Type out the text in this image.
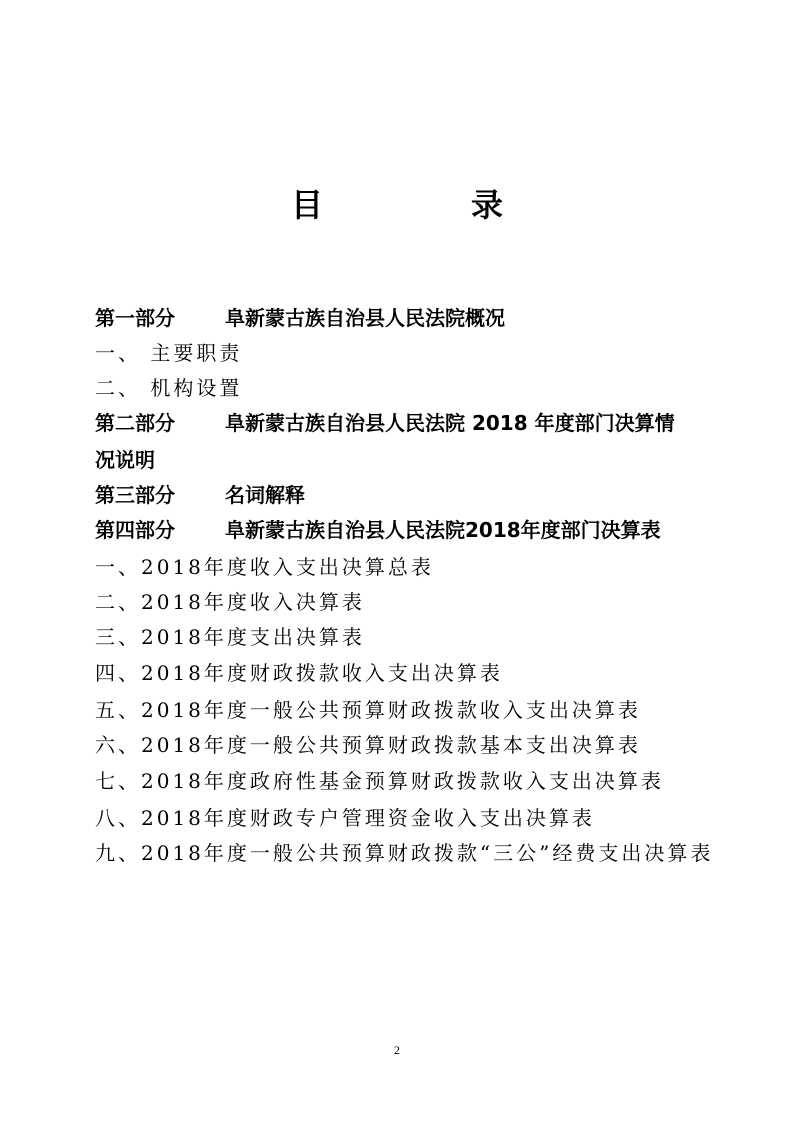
目　录
第一部分	阜新蒙古族自治县人民法院概况
一、 主要职责
二、 机构设置
第二部分	阜新蒙古族自治县人民法院 2018 年度部门决算情
况说明
第三部分	名词解释
第四部分	阜新蒙古族自治县人民法院2018年度部门决算表
一、2018年度收入支出决算总表
二、2018年度收入决算表
三、2018年度支出决算表
四、2018年度财政拨款收入支出决算表
五、2018年度一般公共预算财政拨款收入支出决算表
六、2018年度一般公共预算财政拨款基本支出决算表
七、2018年度政府性基金预算财政拨款收入支出决算表
八、2018年度财政专户管理资金收入支出决算表
九、2018年度一般公共预算财政拨款“三公”经费支出决算表
2
